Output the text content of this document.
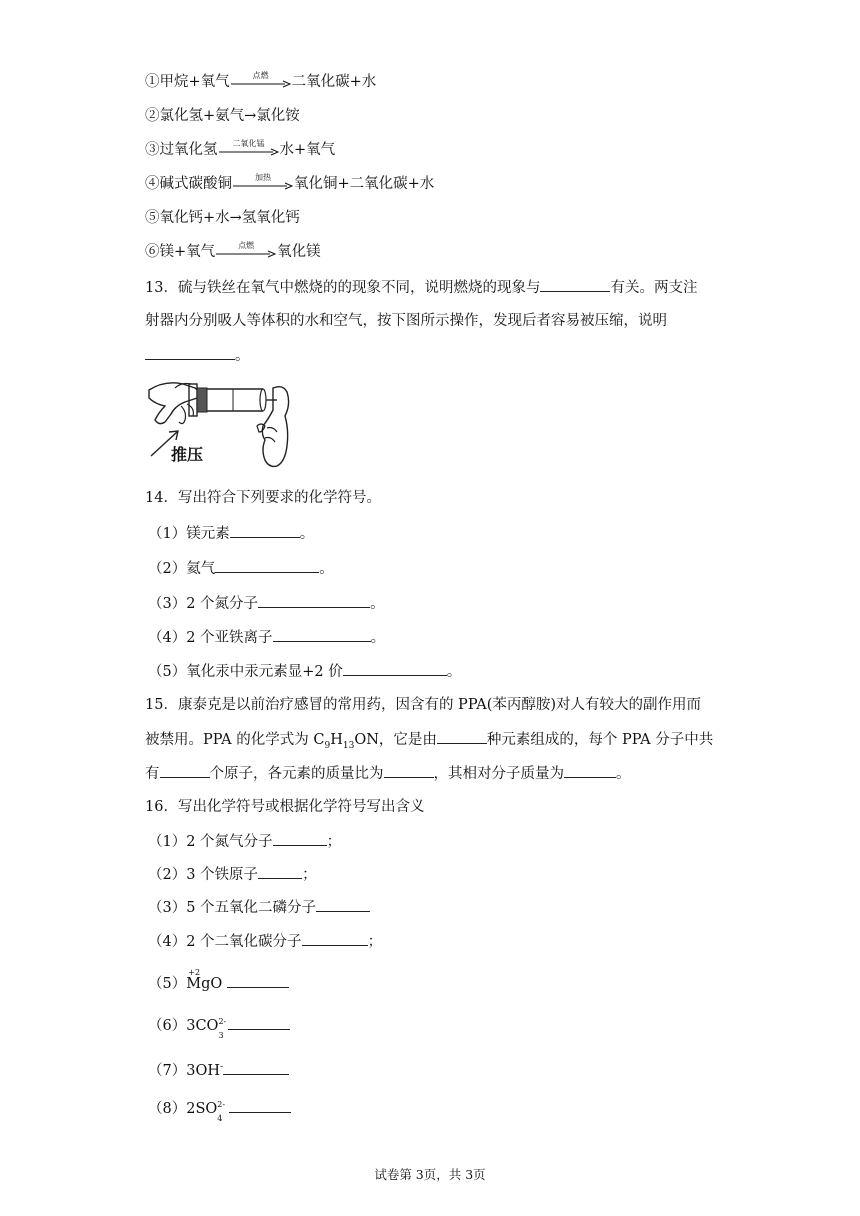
①甲烷+氧气	点燃	二氧化碳+水
②氯化氢+氨气→氯化铵
③过氧化氢	二氧化锰	水+氧气
④碱式碳酸铜	加热	氧化铜+二氧化碳+水
⑤氧化钙+水→氢氧化钙
⑥镁+氧气	点燃	氧化镁
13．硫与铁丝在氧气中燃烧的的现象不同，说明燃烧的现象与	有关。两支注
射器内分别吸人等体积的水和空气，按下图所示操作，发现后者容易被压缩，说明
。
推压
14．写出符合下列要求的化学符号。
（1）镁元素	。
（2）氦气	。
（3）2 个氮分子	。
（4）2 个亚铁离子	。
（5）氧化汞中汞元素显+2 价	。
15．康泰克是以前治疗感冒的常用药，因含有的 PPA(苯丙醇胺)对人有较大的副作用而
被禁用。PPA 的化学式为 $C_9H_{13}ON$，它是由	种元素组成的，每个 PPA 分子中共
有	个原子，各元素的质量比为	，其相对分子质量为	。
16．写出化学符号或根据化学符号写出含义
（1）2 个氮气分子	；
（2）3 个铁原子	；
（3）5 个五氧化二磷分子
（4）2 个二氧化碳分子	；
（5）
+2
MgO
（6）3CO 2-
3
（7）3OH-
（8）2SO 2-
4
试卷第 3页，共 3页
